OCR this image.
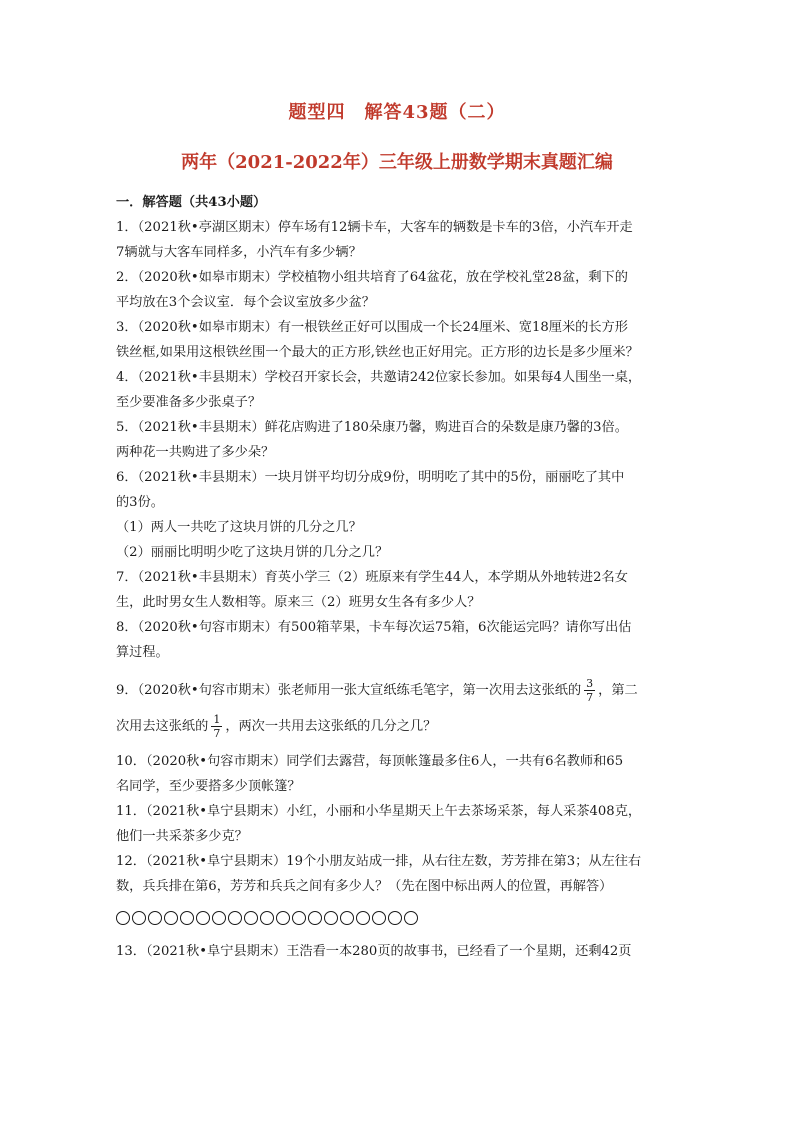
题型四　解答43题（二）
两年（2021-2022年）三年级上册数学期末真题汇编
一．解答题（共43小题）
1．（2021秋•亭湖区期末）停车场有12辆卡车，大客车的辆数是卡车的3倍，小汽车开走
7辆就与大客车同样多，小汽车有多少辆？
2．（2020秋•如皋市期末）学校植物小组共培育了64盆花，放在学校礼堂28盆，剩下的
平均放在3个会议室．每个会议室放多少盆？
3．（2020秋•如皋市期末）有一根铁丝正好可以围成一个长24厘米、宽18厘米的长方形
铁丝框,如果用这根铁丝围一个最大的正方形,铁丝也正好用完。正方形的边长是多少厘米？
4．（2021秋•丰县期末）学校召开家长会，共邀请242位家长参加。如果每4人围坐一桌，
至少要准备多少张桌子？
5．（2021秋•丰县期末）鲜花店购进了180朵康乃馨，购进百合的朵数是康乃馨的3倍。
两种花一共购进了多少朵？
6．（2021秋•丰县期末）一块月饼平均切分成9份，明明吃了其中的5份，丽丽吃了其中
的3份。
（1）两人一共吃了这块月饼的几分之几？
（2）丽丽比明明少吃了这块月饼的几分之几？
7．（2021秋•丰县期末）育英小学三（2）班原来有学生44人，本学期从外地转进2名女
生，此时男女生人数相等。原来三（2）班男女生各有多少人？
8．（2020秋•句容市期末）有500箱苹果，卡车每次运75箱，6次能运完吗？请你写出估
算过程。
9．（2020秋•句容市期末）张老师用一张大宣纸练毛笔字，第一次用去这张纸的 $\frac{3}{7}$ ，第二
次用去这张纸的 $\frac{1}{7}$ ，两次一共用去这张纸的几分之几？
10．（2020秋•句容市期末）同学们去露营，每顶帐篷最多住6人，一共有6名教师和65
名同学，至少要搭多少顶帐篷？
11．（2021秋•阜宁县期末）小红，小丽和小华星期天上午去茶场采茶，每人采茶408克，
他们一共采茶多少克？
12．（2021秋•阜宁县期末）19个小朋友站成一排，从右往左数，芳芳排在第3；从左往右
数，兵兵排在第6，芳芳和兵兵之间有多少人？（先在图中标出两人的位置，再解答）
13．（2021秋•阜宁县期末）王浩看一本280页的故事书，已经看了一个星期，还剩42页
